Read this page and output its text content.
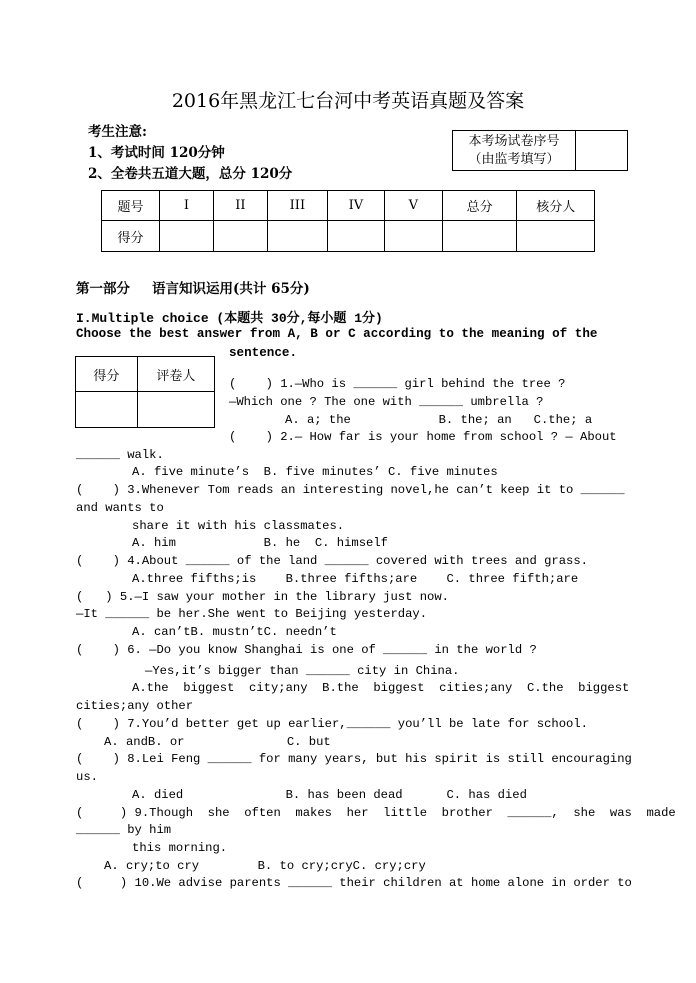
2016年黑龙江七台河中考英语真题及答案
考生注意:
1、考试时间 120分钟
2、全卷共五道大题，总分 120分
本考场试卷序号
（由监考填写）

题号	I	II	III	IV	V	总分	核分人
得分							
第一部分 语言知识运用(共计 65分)
I.Multiple choice (本题共 30分,每小题 1分)
Choose the best answer from A, B or C according to the meaning of the
sentence.
得分	评卷人

(    ) 1.—Who is ______ girl behind the tree ?
—Which one ? The one with ______ umbrella ?
A. a; the            B. the; an   C.the; a
(    ) 2.— How far is your home from school ? — About
______ walk.
A. five minute’s  B. five minutes’ C. five minutes
(    ) 3.Whenever Tom reads an interesting novel,he can’t keep it to ______
and wants to
share it with his classmates.
A. him            B. he  C. himself
(    ) 4.About ______ of the land ______ covered with trees and grass.
A.three fifths;is    B.three fifths;are    C. three fifth;are
(   ) 5.—I saw your mother in the library just now.
—It ______ be her.She went to Beijing yesterday.
A. can’tB. mustn’tC. needn’t
(    ) 6. —Do you know Shanghai is one of ______ in the world ?
—Yes,it’s bigger than ______ city in China.
A.the  biggest  city;any  B.the  biggest  cities;any  C.the  biggest
cities;any other
(    ) 7.You’d better get up earlier,______ you’ll be late for school.
A. andB. or              C. but
(    ) 8.Lei Feng ______ for many years, but his spirit is still encouraging
us.
A. died              B. has been dead      C. has died
(     ) 9.Though  she  often  makes  her  little  brother  ______,  she  was  made
______ by him
this morning.
A. cry;to cry        B. to cry;cryC. cry;cry
(     ) 10.We advise parents ______ their children at home alone in order to
